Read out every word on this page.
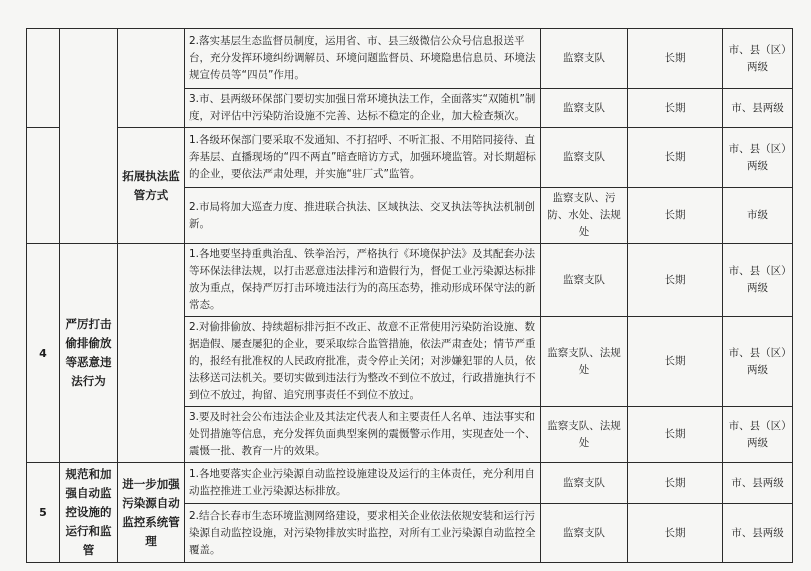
			2.落实基层生态监督员制度，运用省、市、县三级微信公众号信息报送平台，充分发挥环境纠纷调解员、环境问题监督员、环境隐患信息员、环境法规宣传员等“四员”作用。	监察支队	长期	市、县（区）两级
			3.市、县两级环保部门要切实加强日常环境执法工作，全面落实“双随机”制度，对评估中污染防治设施不完善、达标不稳定的企业，加大检查频次。	监察支队	长期	市、县两级
		拓展执法监管方式	1.各级环保部门要采取不发通知、不打招呼、不听汇报、不用陪同接待、直奔基层、直播现场的“四不两直”暗查暗访方式，加强环境监管。对长期超标的企业，要依法严肃处理，并实施“驻厂式”监管。	监察支队	长期	市、县（区）两级
			2.市局将加大巡查力度、推进联合执法、区域执法、交叉执法等执法机制创新。	监察支队、污防、水处、法规处	长期	市级
4	严厉打击偷排偷放等恶意违法行为		1.各地要坚持重典治乱、铁拳治污，严格执行《环境保护法》及其配套办法等环保法律法规，以打击恶意违法排污和造假行为，督促工业污染源达标排放为重点，保持严厉打击环境违法行为的高压态势，推动形成环保守法的新常态。	监察支队	长期	市、县（区）两级
			2.对偷排偷放、持续超标排污拒不改正、故意不正常使用污染防治设施、数据造假、屡查屡犯的企业，要采取综合监管措施，依法严肃查处；情节严重的，报经有批准权的人民政府批准，责令停止关闭；对涉嫌犯罪的人员，依法移送司法机关。要切实做到违法行为整改不到位不放过，行政措施执行不到位不放过，拘留、追究刑事责任不到位不放过。	监察支队、法规处	长期	市、县（区）两级
			3.要及时社会公布违法企业及其法定代表人和主要责任人名单、违法事实和处罚措施等信息，充分发挥负面典型案例的震慑警示作用，实现查处一个、震慑一批、教育一片的效果。	监察支队、法规处	长期	市、县（区）两级
5	规范和加强自动监控设施的运行和监管	进一步加强污染源自动监控系统管理	1.各地要落实企业污染源自动监控设施建设及运行的主体责任，充分利用自动监控推进工业污染源达标排放。	监察支队	长期	市、县两级
			2.结合长春市生态环境监测网络建设，要求相关企业依法依规安装和运行污染源自动监控设施，对污染物排放实时监控，对所有工业污染源自动监控全覆盖。	监察支队	长期	市、县两级
